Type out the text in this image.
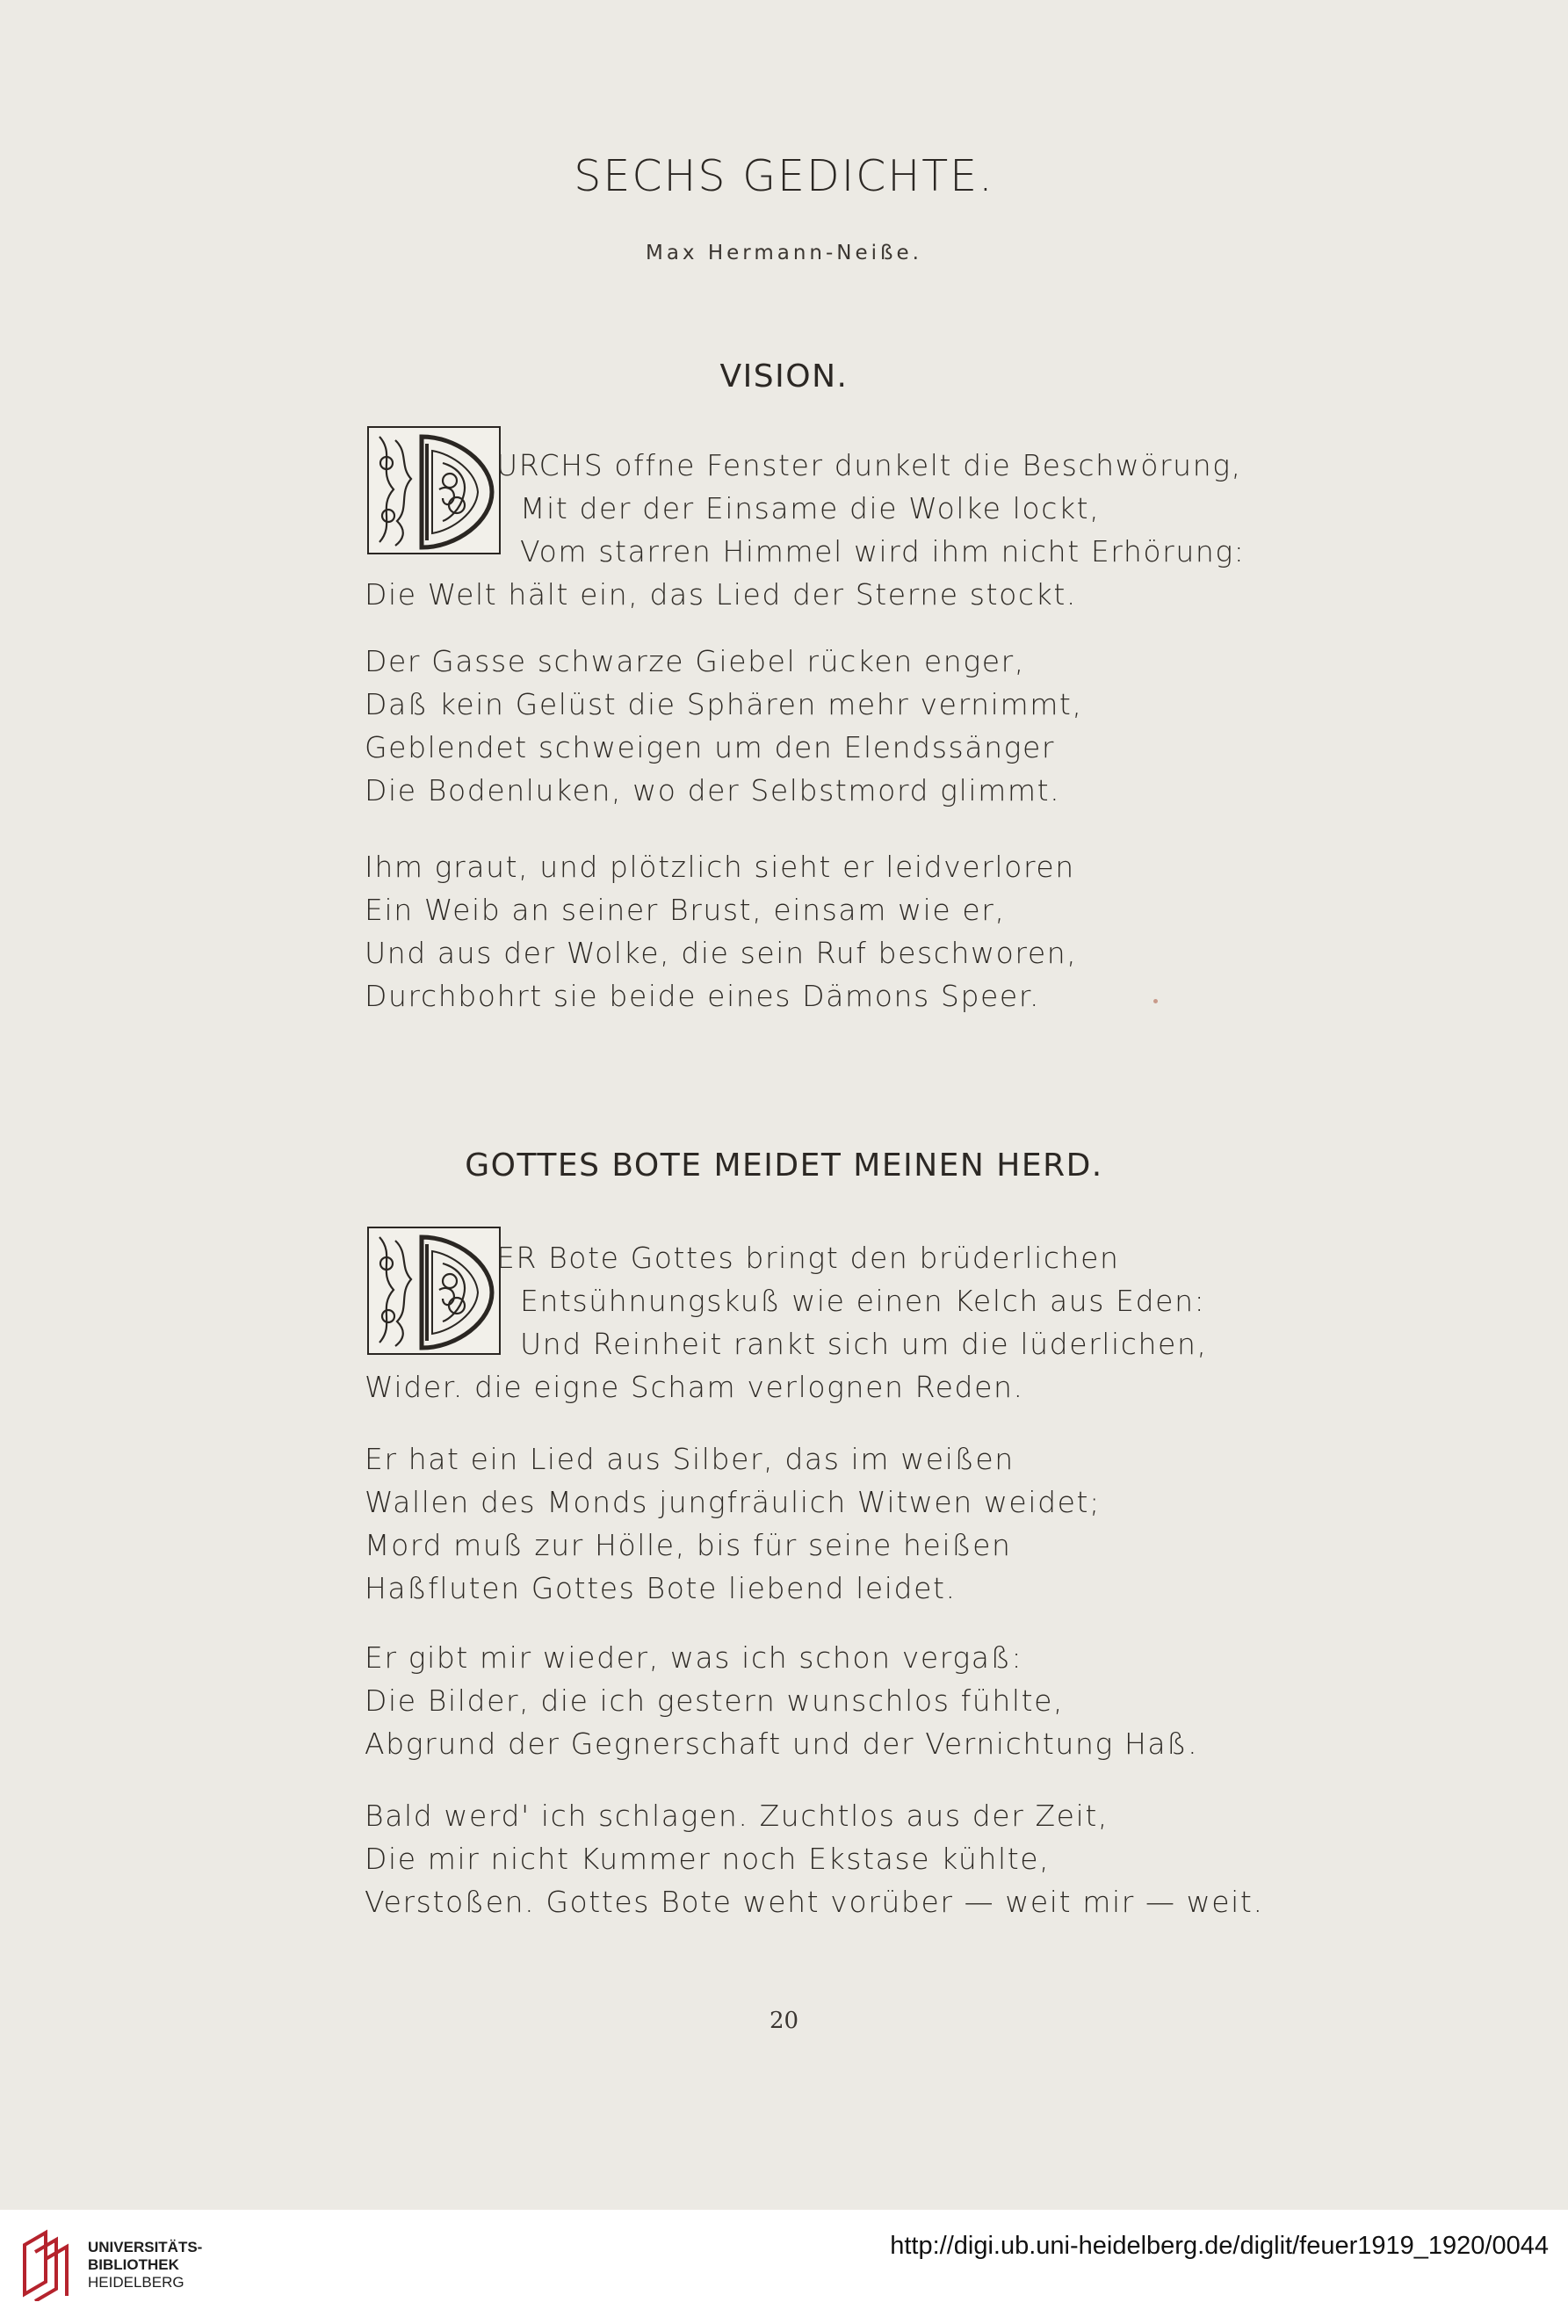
SECHS GEDICHTE.
Max Hermann-Neiße.
VISION.
URCHS offne Fenster dunkelt die Beschwörung,
Mit der der Einsame die Wolke lockt,
Vom starren Himmel wird ihm nicht Erhörung:
Die Welt hält ein, das Lied der Sterne stockt.
Der Gasse schwarze Giebel rücken enger,
Daß kein Gelüst die Sphären mehr vernimmt,
Geblendet schweigen um den Elendssänger
Die Bodenluken, wo der Selbstmord glimmt.
Ihm graut, und plötzlich sieht er leidverloren
Ein Weib an seiner Brust, einsam wie er,
Und aus der Wolke, die sein Ruf beschworen,
Durchbohrt sie beide eines Dämons Speer.
GOTTES BOTE MEIDET MEINEN HERD.
ER Bote Gottes bringt den brüderlichen
Entsühnungskuß wie einen Kelch aus Eden:
Und Reinheit rankt sich um die lüderlichen,
Wider. die eigne Scham verlognen Reden.
Er hat ein Lied aus Silber, das im weißen
Wallen des Monds jungfräulich Witwen weidet;
Mord muß zur Hölle, bis für seine heißen
Haßfluten Gottes Bote liebend leidet.
Er gibt mir wieder, was ich schon vergaß:
Die Bilder, die ich gestern wunschlos fühlte,
Abgrund der Gegnerschaft und der Vernichtung Haß.
Bald werd' ich schlagen. Zuchtlos aus der Zeit,
Die mir nicht Kummer noch Ekstase kühlte,
Verstoßen. Gottes Bote weht vorüber — weit mir — weit.
20
UNIVERSITÄTS-
BIBLIOTHEK
HEIDELBERG
http://digi.ub.uni-heidelberg.de/diglit/feuer1919_1920/0044
